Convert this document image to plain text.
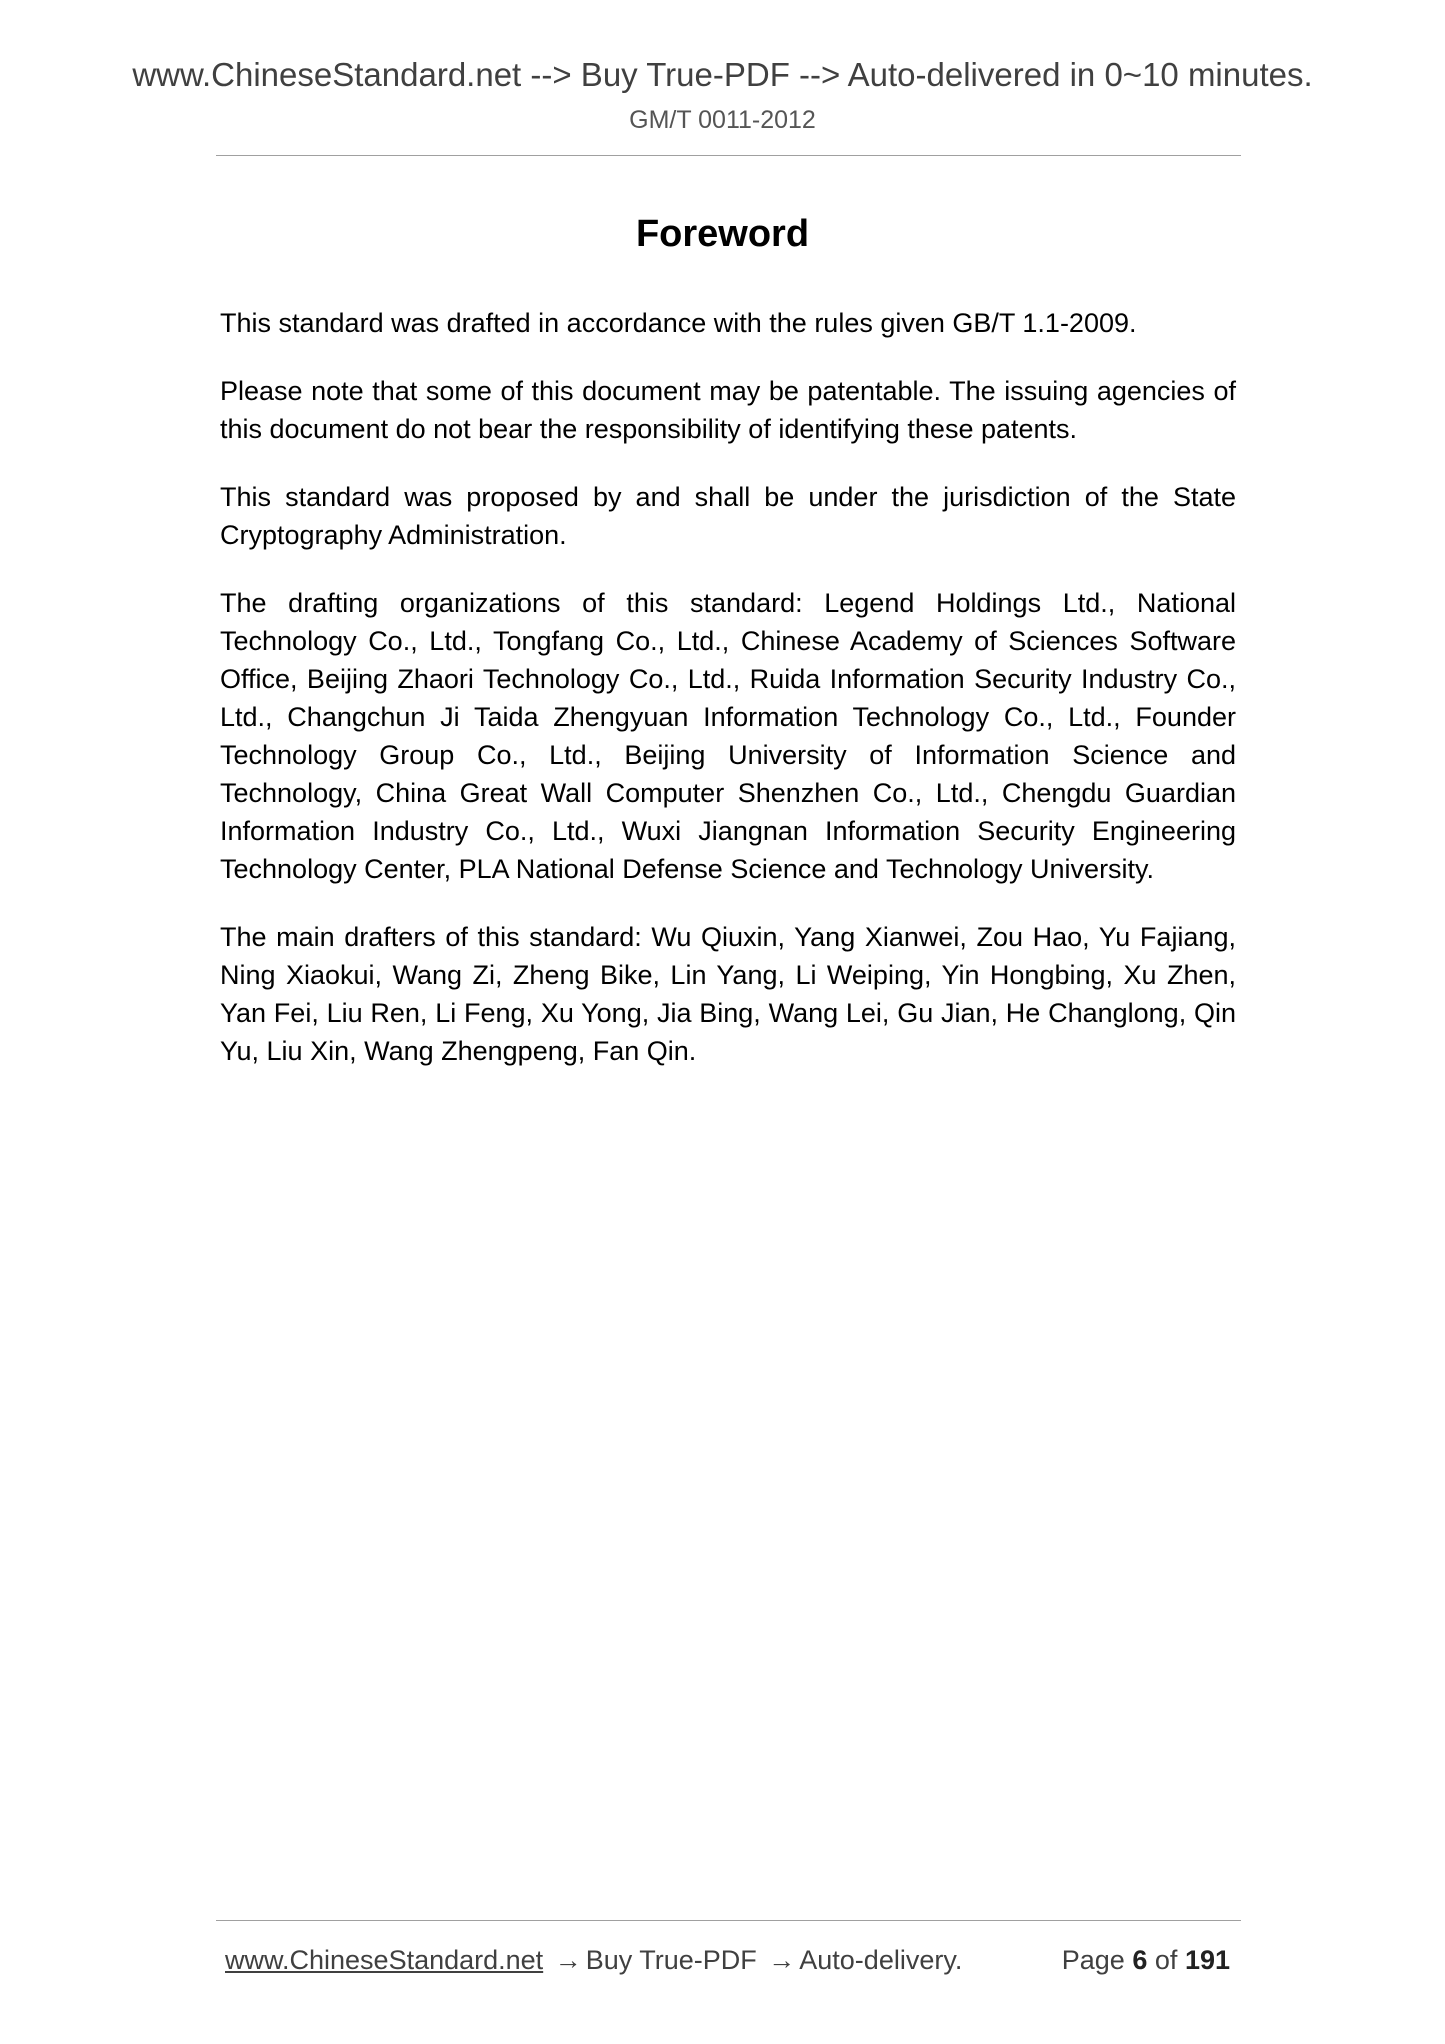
www.ChineseStandard.net --> Buy True-PDF --> Auto-delivered in 0~10 minutes.
GM/T 0011-2012
Foreword

This standard was drafted in accordance with the rules given GB/T 1.1-2009.

Please note that some of this document may be patentable. The issuing agencies of this document do not bear the responsibility of identifying these patents.

This standard was proposed by and shall be under the jurisdiction of the State Cryptography Administration.

The drafting organizations of this standard: Legend Holdings Ltd., National Technology Co., Ltd., Tongfang Co., Ltd., Chinese Academy of Sciences Software Office, Beijing Zhaori Technology Co., Ltd., Ruida Information Security Industry Co., Ltd., Changchun Ji Taida Zhengyuan Information Technology Co., Ltd., Founder Technology Group Co., Ltd., Beijing University of Information Science and Technology, China Great Wall Computer Shenzhen Co., Ltd., Chengdu Guardian Information Industry Co., Ltd., Wuxi Jiangnan Information Security Engineering Technology Center, PLA National Defense Science and Technology University.

The main drafters of this standard: Wu Qiuxin, Yang Xianwei, Zou Hao, Yu Fajiang, Ning Xiaokui, Wang Zi, Zheng Bike, Lin Yang, Li Weiping, Yin Hongbing, Xu Zhen, Yan Fei, Liu Ren, Li Feng, Xu Yong, Jia Bing, Wang Lei, Gu Jian, He Changlong, Qin Yu, Liu Xin, Wang Zhengpeng, Fan Qin.

www.ChineseStandard.net → Buy True-PDF → Auto-delivery.	Page 6 of 191
